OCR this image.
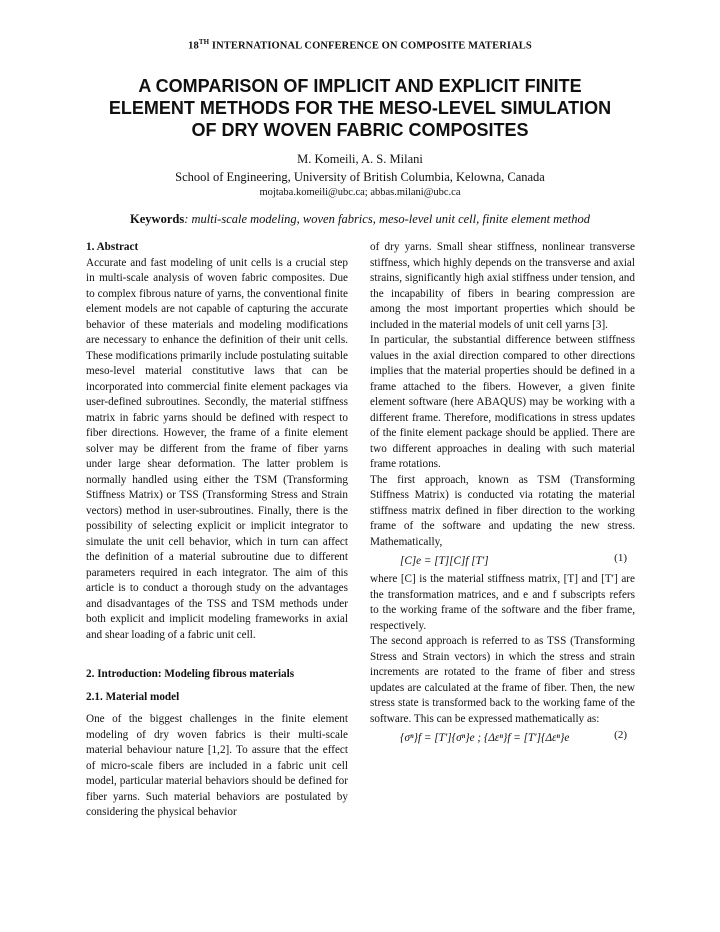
18TH INTERNATIONAL CONFERENCE ON COMPOSITE MATERIALS
A COMPARISON OF IMPLICIT AND EXPLICIT FINITE
ELEMENT METHODS FOR THE MESO-LEVEL SIMULATION
OF DRY WOVEN FABRIC COMPOSITES
M. Komeili, A. S. Milani
School of Engineering, University of British Columbia, Kelowna, Canada
mojtaba.komeili@ubc.ca; abbas.milani@ubc.ca
Keywords: multi-scale modeling, woven fabrics, meso-level unit cell, finite element method

1. Abstract

Accurate and fast modeling of unit cells is a crucial step in multi-scale analysis of woven fabric composites. Due to complex fibrous nature of yarns, the conventional finite element models are not capable of capturing the accurate behavior of these materials and modeling modifications are necessary to enhance the definition of their unit cells. These modifications primarily include postulating suitable meso-level material constitutive laws that can be incorporated into commercial finite element packages via user-defined subroutines. Secondly, the material stiffness matrix in fabric yarns should be defined with respect to fiber directions. However, the frame of a finite element solver may be different from the frame of fiber yarns under large shear deformation. The latter problem is normally handled using either the TSM (Transforming Stiffness Matrix) or TSS (Transforming Stress and Strain vectors) method in user-subroutines. Finally, there is the possibility of selecting explicit or implicit integrator to simulate the unit cell behavior, which in turn can affect the definition of a material subroutine due to different parameters required in each integrator. The aim of this article is to conduct a thorough study on the advantages and disadvantages of the TSS and TSM methods under both explicit and implicit modeling frameworks in axial and shear loading of a fabric unit cell.

2. Introduction: Modeling fibrous materials

2.1. Material model

One of the biggest challenges in the finite element modeling of dry woven fabrics is their multi-scale material behaviour nature [1,2]. To assure that the effect of micro-scale fibers are included in a fabric unit cell model, particular material behaviors should be defined for fiber yarns. Such material behaviors are postulated by considering the physical behavior

of dry yarns. Small shear stiffness, nonlinear transverse stiffness, which highly depends on the transverse and axial strains, significantly high axial stiffness under tension, and the incapability of fibers in bearing compression are among the most important properties which should be included in the material models of unit cell yarns [3].

In particular, the substantial difference between stiffness values in the axial direction compared to other directions implies that the material properties should be defined in a frame attached to the fibers. However, a given finite element software (here ABAQUS) may be working with a different frame. Therefore, modifications in stress updates of the finite element package should be applied. There are two different approaches in dealing with such material frame rotations.

The first approach, known as TSM (Transforming Stiffness Matrix) is conducted via rotating the material stiffness matrix defined in fiber direction to the working frame of the software and updating the new stress. Mathematically,

[C]e = [T][C]f [T′]	(1)

where [C] is the material stiffness matrix, [T] and [T′] are the transformation matrices, and e and f subscripts refers to the working frame of the software and the fiber frame, respectively.

The second approach is referred to as TSS (Transforming Stress and Strain vectors) in which the stress and strain increments are rotated to the frame of fiber and stress updates are calculated at the frame of fiber. Then, the new stress state is transformed back to the working fame of the software. This can be expressed mathematically as:

{σⁿ}f = [T′]{σⁿ}e ; {Δεⁿ}f = [T′]{Δεⁿ}e	(2)
